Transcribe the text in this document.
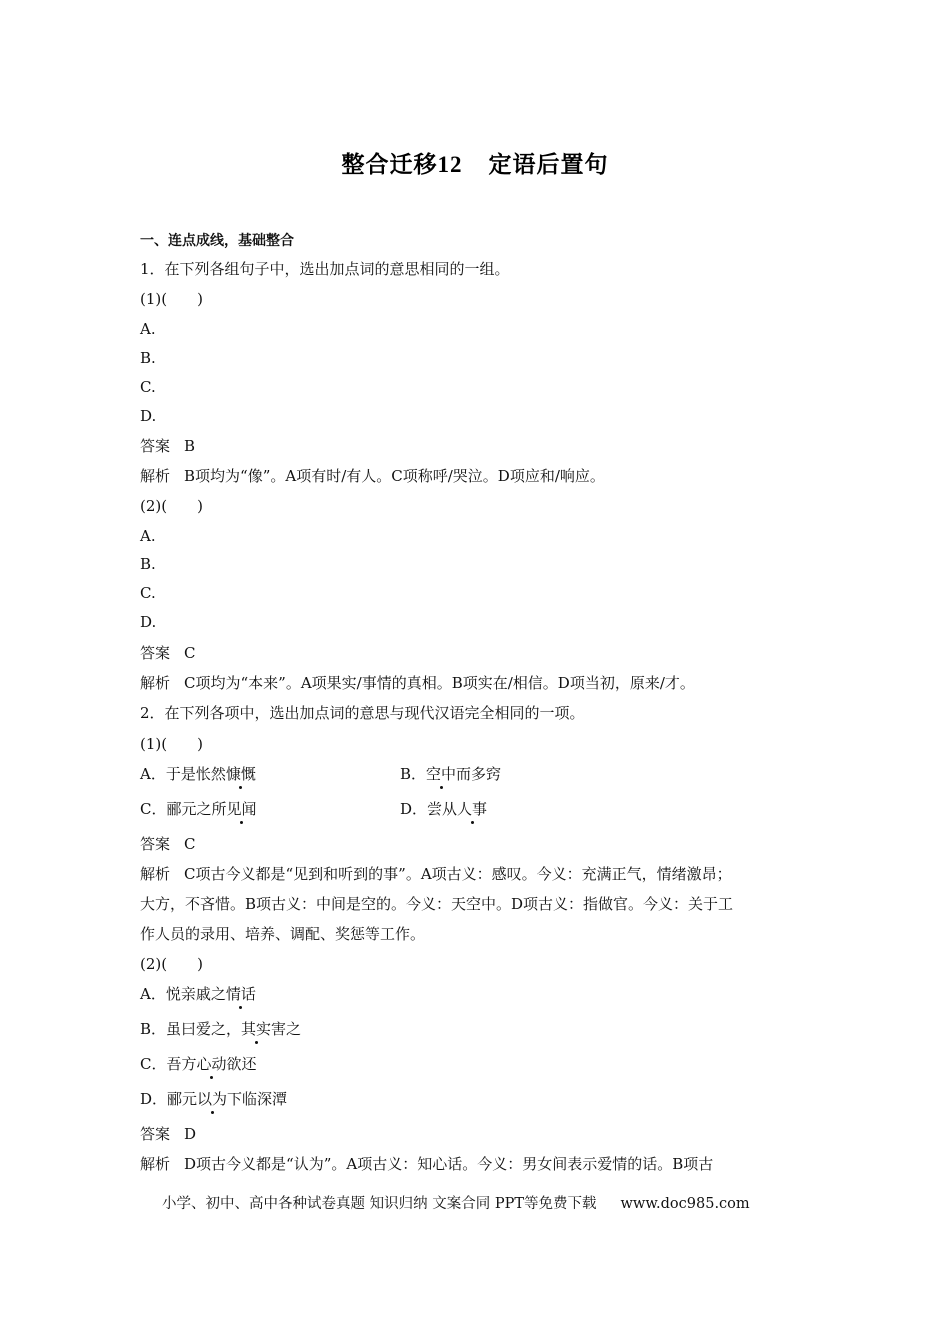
整合迁移12 定语后置句
一、连点成线，基础整合
1．在下列各组句子中，选出加点词的意思相同的一组。
(1)(　　)
A.
B.
C.
D.
答案 B
解析 B项均为“像”。A项有时/有人。C项称呼/哭泣。D项应和/响应。
(2)(　　)
A.
B.
C.
D.
答案 C
解析 C项均为“本来”。A项果实/事情的真相。B项实在/相信。D项当初，原来/才。
2．在下列各项中，选出加点词的意思与现代汉语完全相同的一项。
(1)(　　)
A．于是怅然慷慨	B．空中而多窍
C．郦元之所见闻	D．尝从人事
答案 C
解析 C项古今义都是“见到和听到的事”。A项古义：感叹。今义：充满正气，情绪激昂；
大方，不吝惜。B项古义：中间是空的。今义：天空中。D项古义：指做官。今义：关于工
作人员的录用、培养、调配、奖惩等工作。
(2)(　　)
A．悦亲戚之情话
B．虽曰爱之，其实害之
C．吾方心动欲还
D．郦元以为下临深潭
答案 D
解析 D项古今义都是“认为”。A项古义：知心话。今义：男女间表示爱情的话。B项古
小学、初中、高中各种试卷真题 知识归纳 文案合同 PPT等免费下载 www.doc985.com
